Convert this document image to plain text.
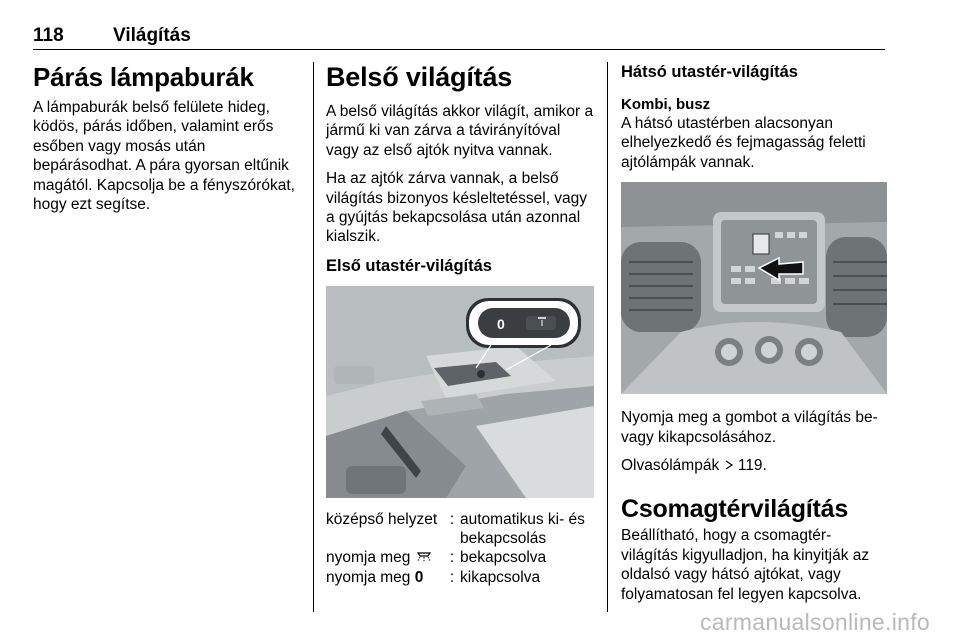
118	Világítás
Párás lámpaburák

A lámpaburák belső felülete hideg, ködös, párás időben, valamint erős esőben vagy mosás után bepárásodhat. A pára gyorsan eltűnik magától. Kapcsolja be a fényszórókat, hogy ezt segítse.

Belső világítás

A belső világítás akkor világít, amikor a jármű ki van zárva a távirányítóval vagy az első ajtók nyitva vannak.

Ha az ajtók zárva vannak, a belső világítás bizonyos késleltetéssel, vagy a gyújtás bekapcsolása után azonnal kialszik.

Első utastér-világítás
0
középső helyzet	:	automatikus ki- és bekapcsolás
nyomja meg	:	bekapcsolva
nyomja meg 0	:	kikapcsolva
Hátsó utastér-világítás
Kombi, busz

A hátsó utastérben alacsonyan elhelyezkedő és fejmagasság feletti ajtólámpák vannak.

Nyomja meg a gombot a világítás be- vagy kikapcsolásához.

Olvasólámpák 119.

Csomagtérvilágítás

Beállítható, hogy a csomagtér-világítás kigyulladjon, ha kinyitják az oldalsó vagy hátsó ajtókat, vagy folyamatosan fel legyen kapcsolva.

carmanualsonline.info
